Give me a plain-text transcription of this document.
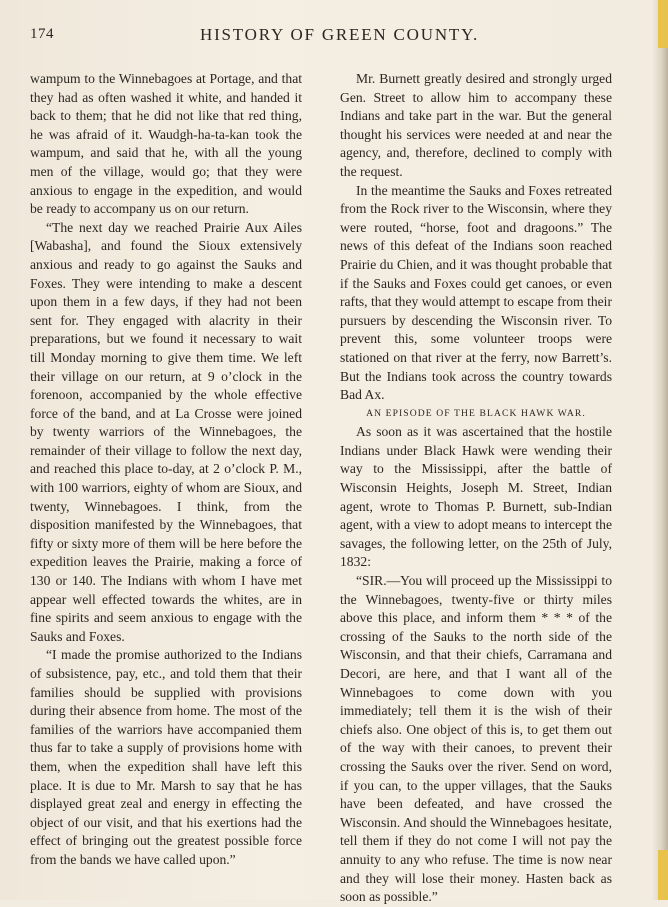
174	HISTORY OF GREEN COUNTY.

wampum to the Winnebagoes at Portage, and that they had as often washed it white, and handed it back to them; that he did not like that red thing, he was afraid of it. Waudgh-ha-ta-kan took the wampum, and said that he, with all the young men of the village, would go; that they were anxious to engage in the expedition, and would be ready to accompany us on our return.

“The next day we reached Prairie Aux Ailes [Wabasha], and found the Sioux extensively anxious and ready to go against the Sauks and Foxes. They were intending to make a descent upon them in a few days, if they had not been sent for. They engaged with alacrity in their preparations, but we found it necessary to wait till Monday morning to give them time. We left their village on our return, at 9 o’clock in the forenoon, accompanied by the whole effective force of the band, and at La Crosse were joined by twenty warriors of the Winnebagoes, the remainder of their village to follow the next day, and reached this place to-day, at 2 o’clock P. M., with 100 warriors, eighty of whom are Sioux, and twenty, Winnebagoes. I think, from the disposition manifested by the Winnebagoes, that fifty or sixty more of them will be here before the expedition leaves the Prairie, making a force of 130 or 140. The Indians with whom I have met appear well effected towards the whites, are in fine spirits and seem anxious to engage with the Sauks and Foxes.

“I made the promise authorized to the Indians of subsistence, pay, etc., and told them that their families should be supplied with provisions during their absence from home. The most of the families of the warriors have accompanied them thus far to take a supply of provisions home with them, when the expedition shall have left this place. It is due to Mr. Marsh to say that he has displayed great zeal and energy in effecting the object of our visit, and that his exertions had the effect of bringing out the greatest possible force from the bands we have called upon.”

Mr. Burnett greatly desired and strongly urged Gen. Street to allow him to accompany these Indians and take part in the war. But the general thought his services were needed at and near the agency, and, therefore, declined to comply with the request.

In the meantime the Sauks and Foxes retreated from the Rock river to the Wisconsin, where they were routed, “horse, foot and dragoons.” The news of this defeat of the Indians soon reached Prairie du Chien, and it was thought probable that if the Sauks and Foxes could get canoes, or even rafts, that they would attempt to escape from their pursuers by descending the Wisconsin river. To prevent this, some volunteer troops were stationed on that river at the ferry, now Barrett’s. But the Indians took across the country towards Bad Ax.

AN EPISODE OF THE BLACK HAWK WAR.

As soon as it was ascertained that the hostile Indians under Black Hawk were wending their way to the Mississippi, after the battle of Wisconsin Heights, Joseph M. Street, Indian agent, wrote to Thomas P. Burnett, sub-Indian agent, with a view to adopt means to intercept the savages, the following letter, on the 25th of July, 1832:

“SIR.—You will proceed up the Mississippi to the Winnebagoes, twenty-five or thirty miles above this place, and inform them * * * of the crossing of the Sauks to the north side of the Wisconsin, and that their chiefs, Carramana and Decori, are here, and that I want all of the Winnebagoes to come down with you immediately; tell them it is the wish of their chiefs also. One object of this is, to get them out of the way with their canoes, to prevent their crossing the Sauks over the river. Send on word, if you can, to the upper villages, that the Sauks have been defeated, and have crossed the Wisconsin. And should the Winnebagoes hesitate, tell them if they do not come I will not pay the annuity to any who refuse. The time is now near and they will lose their money. Hasten back as soon as possible.”
